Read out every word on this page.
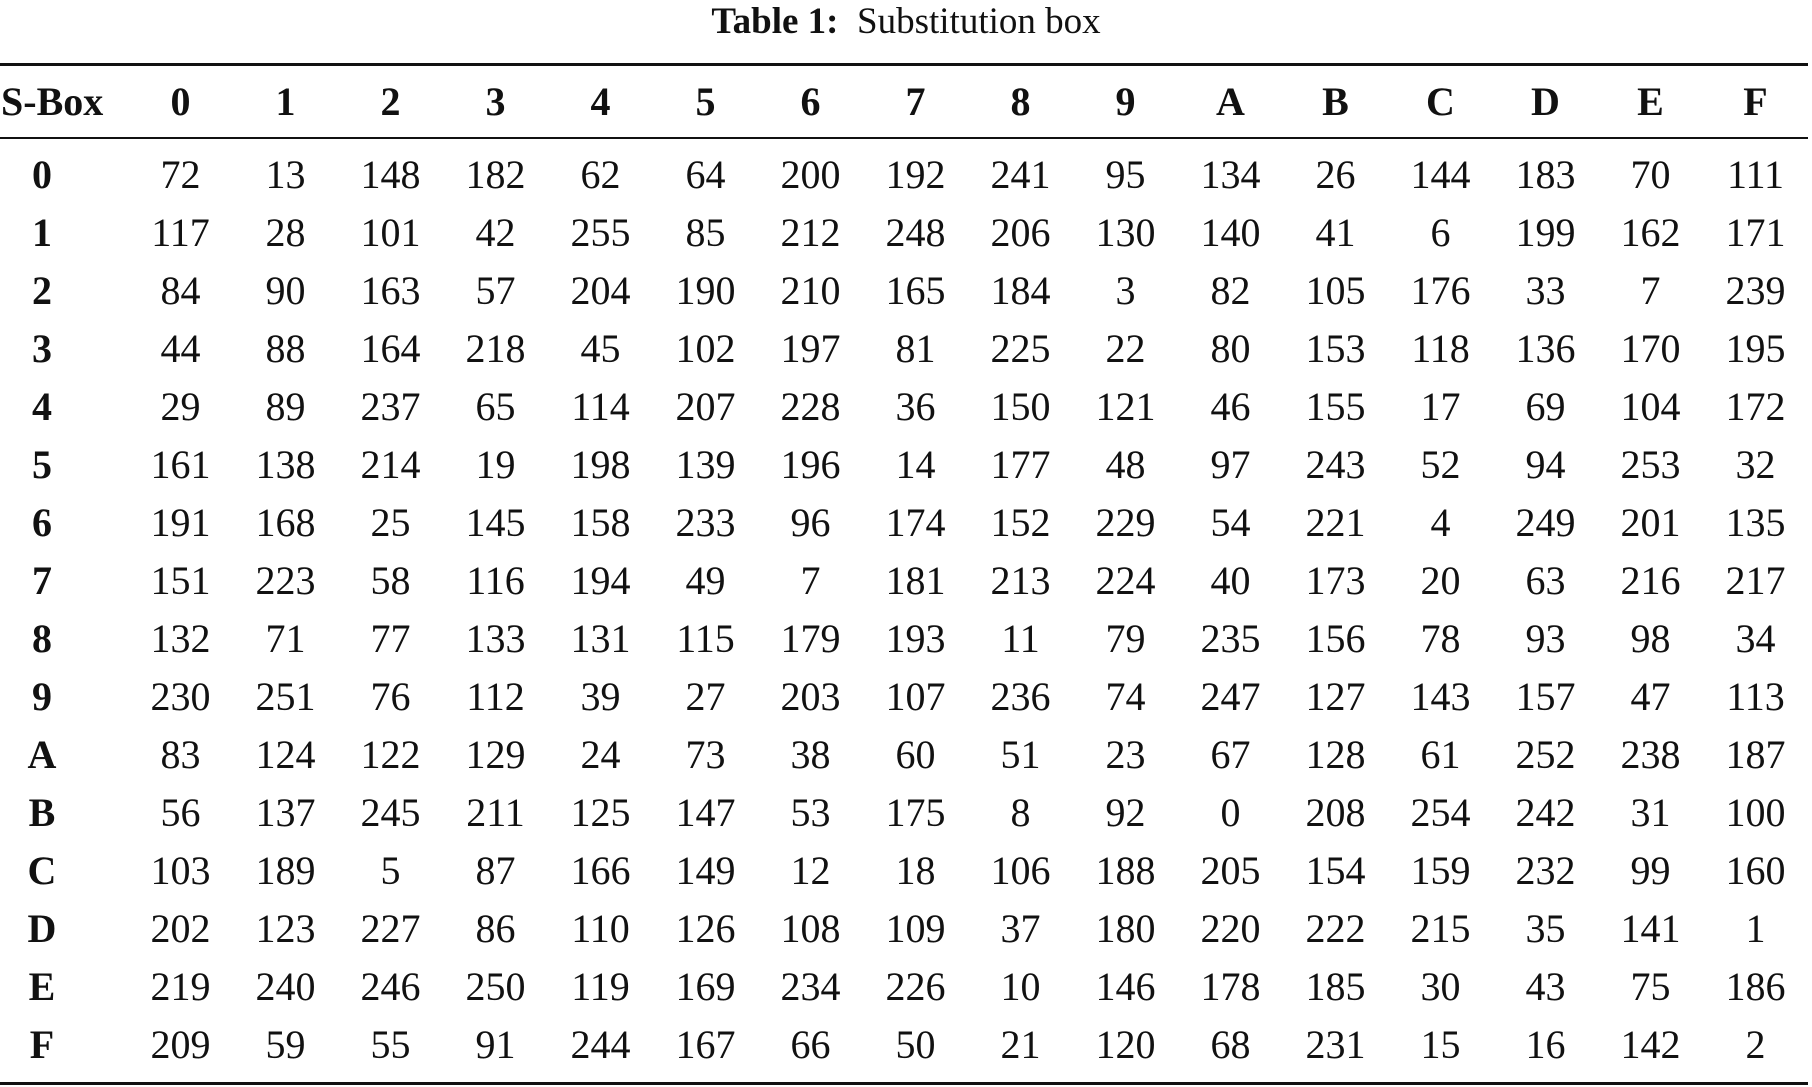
Table 1: Substitution box
S-Box	0	1	2	3	4	5	6	7	8	9	A	B	C	D	E	F
0	72	13	148	182	62	64	200	192	241	95	134	26	144	183	70	111
1	117	28	101	42	255	85	212	248	206	130	140	41	6	199	162	171
2	84	90	163	57	204	190	210	165	184	3	82	105	176	33	7	239
3	44	88	164	218	45	102	197	81	225	22	80	153	118	136	170	195
4	29	89	237	65	114	207	228	36	150	121	46	155	17	69	104	172
5	161	138	214	19	198	139	196	14	177	48	97	243	52	94	253	32
6	191	168	25	145	158	233	96	174	152	229	54	221	4	249	201	135
7	151	223	58	116	194	49	7	181	213	224	40	173	20	63	216	217
8	132	71	77	133	131	115	179	193	11	79	235	156	78	93	98	34
9	230	251	76	112	39	27	203	107	236	74	247	127	143	157	47	113
A	83	124	122	129	24	73	38	60	51	23	67	128	61	252	238	187
B	56	137	245	211	125	147	53	175	8	92	0	208	254	242	31	100
C	103	189	5	87	166	149	12	18	106	188	205	154	159	232	99	160
D	202	123	227	86	110	126	108	109	37	180	220	222	215	35	141	1
E	219	240	246	250	119	169	234	226	10	146	178	185	30	43	75	186
F	209	59	55	91	244	167	66	50	21	120	68	231	15	16	142	2
